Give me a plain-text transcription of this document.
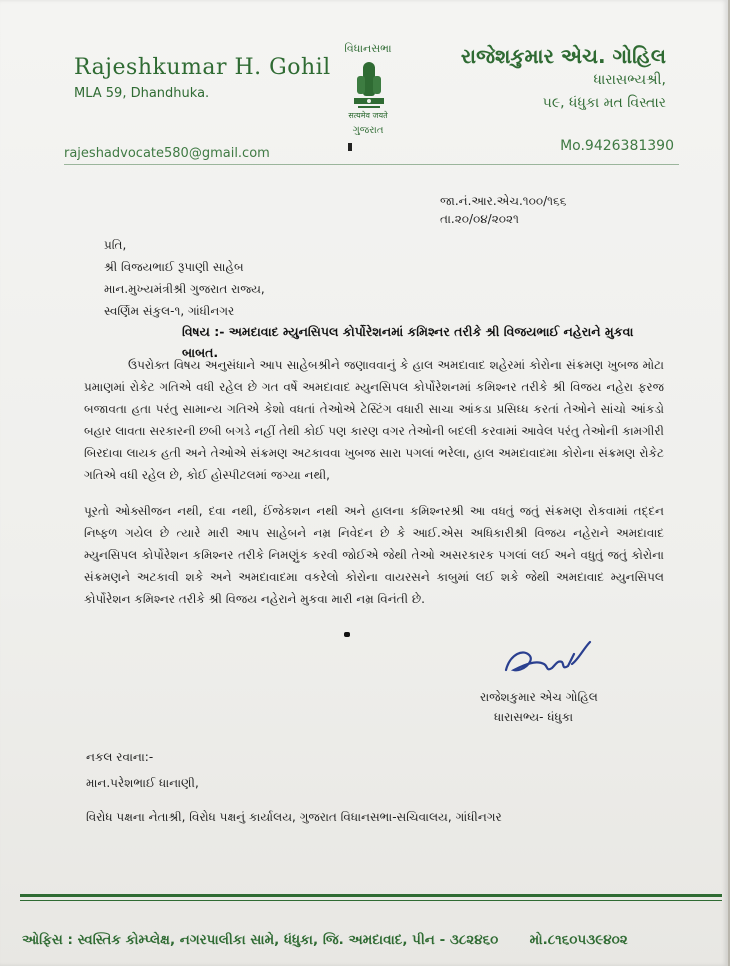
Rajeshkumar H. Gohil
MLA 59, Dhandhuka.
rajeshadvocate580@gmail.com
વિધાનસભા
सत्यमेव जयते
ગુજરાત
રાજેશકુમાર એચ. ગોહિલ
ધારાસભ્યશ્રી,
૫૯, ધંધુકા મત વિસ્તાર
Mo.9426381390
જા.નં.આર.એચ.૧૦૦/૧૬૬
તા.૨૦/૦૪/૨૦૨૧
પ્રતિ,
શ્રી વિજયભાઈ રૂપાણી સાહેબ
માન.મુખ્યમંત્રીશ્રી ગુજરાત રાજ્ય,
સ્વર્ણિમ સંકુલ-૧, ગાંધીનગર
વિષય :- અમદાવાદ મ્યુનસિપલ કોર્પોરેશનમાં કમિશ્નર તરીકે શ્રી વિજયભાઈ નહેરાને મુકવા બાબત.

ઉપરોક્ત વિષય અનુસંધાને આપ સાહેબશ્રીને જણાવવાનું કે હાલ અમદાવાદ શહેરમાં કોરોના સંક્રમણ ખુબજ મોટા પ્રમાણમાં રોકેટ ગતિએ વધી રહેલ છે ગત વર્ષે અમદાવાદ મ્યુનસિપલ કોર્પોરેશનમાં કમિશ્નર તરીકે શ્રી વિજય નહેરા ફરજ બજાવતા હતા પરંતુ સામાન્ય ગતિએ કેશો વધતાં તેઓએ ટેસ્ટિંગ વધારી સાચા આંકડા પ્રસિધ્ધ કરતાં તેઓને સાંચો આંકડો બહાર લાવતા સરકારની છબી બગડે નહીં તેથી કોઈ પણ કારણ વગર તેઓની બદલી કરવામાં આવેલ પરંતુ તેઓની કામગીરી બિરદાવા લાયક હતી અને તેઓએ સંક્રમણ અટકાવવા ખુબજ સારા પગલાં ભરેલા, હાલ અમદાવાદમા કોરોના સંક્રમણ રોકેટ ગતિએ વધી રહેલ છે, કોઈ હોસ્પીટલમાં જગ્યા નથી,

પૂરતો ઓક્સીજન નથી, દવા નથી, ઈંજેકશન નથી અને હાલના કમિશ્નરશ્રી આ વધતું જતું સંક્રમણ રોકવામાં તદ્દન નિષ્ફળ ગયેલ છે ત્યારે મારી આપ સાહેબને નમ્ર નિવેદન છે કે આઈ.એસ અધિકારીશ્રી વિજય નહેરાને અમદાવાદ મ્યુનસિપલ કોર્પોરેશન કમિશ્નર તરીકે નિમણુંક કરવી જોઈએ જેથી તેઓ અસરકારક પગલાં લઈ અને વધુતું જતું કોરોના સંક્રમણને અટકાવી શકે અને અમદાવાદમા વકરેલો કોરોના વાયરસને કાબુમાં લઈ શકે જેથી અમદાવાદ મ્યુનસિપલ કોર્પોરેશન કમિશ્નર તરીકે શ્રી વિજય નહેરાને મુકવા મારી નમ્ર વિનંતી છે.

રાજેશકુમાર એચ ગોહિલ
ધારાસભ્ય- ધંધુકા
નકલ રવાના:-
માન.પરેશભાઈ ધાનાણી,
વિરોધ પક્ષના નેતાશ્રી, વિરોધ પક્ષનું કાર્યાલય, ગુજરાત વિધાનસભા-સચિવાલય, ગાંધીનગર
ઓફિસ : સ્વસ્તિક કોમ્પ્લેક્ષ, નગરપાલીકા સામે, ધંધુકા, જિ. અમદાવાદ, પીન - ૩૮૨૪૬૦ મો.૮૧૬૦૫૩૯૪૦૨
